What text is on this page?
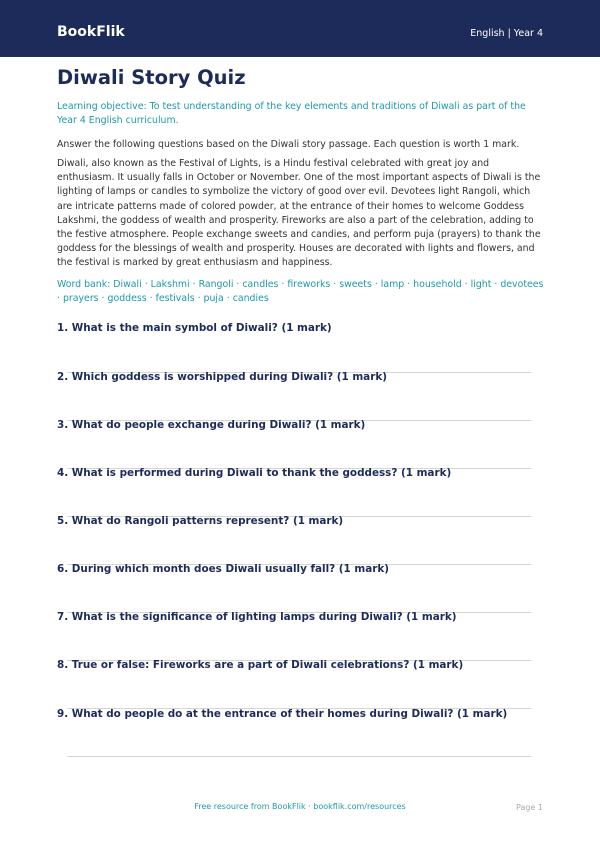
BookFlik	English | Year 4
Diwali Story Quiz

Learning objective: To test understanding of the key elements and traditions of Diwali as part of the Year 4 English curriculum.

Answer the following questions based on the Diwali story passage. Each question is worth 1 mark.

Diwali, also known as the Festival of Lights, is a Hindu festival celebrated with great joy and enthusiasm. It usually falls in October or November. One of the most important aspects of Diwali is the lighting of lamps or candles to symbolize the victory of good over evil. Devotees light Rangoli, which are intricate patterns made of colored powder, at the entrance of their homes to welcome Goddess Lakshmi, the goddess of wealth and prosperity. Fireworks are also a part of the celebration, adding to the festive atmosphere. People exchange sweets and candies, and perform puja (prayers) to thank the goddess for the blessings of wealth and prosperity. Houses are decorated with lights and flowers, and the festival is marked by great enthusiasm and happiness.

Word bank: Diwali · Lakshmi · Rangoli · candles · fireworks · sweets · lamp · household · light · devotees · prayers · goddess · festivals · puja · candies

1. What is the main symbol of Diwali? (1 mark)

2. Which goddess is worshipped during Diwali? (1 mark)

3. What do people exchange during Diwali? (1 mark)

4. What is performed during Diwali to thank the goddess? (1 mark)

5. What do Rangoli patterns represent? (1 mark)

6. During which month does Diwali usually fall? (1 mark)

7. What is the significance of lighting lamps during Diwali? (1 mark)

8. True or false: Fireworks are a part of Diwali celebrations? (1 mark)

9. What do people do at the entrance of their homes during Diwali? (1 mark)

Free resource from BookFlik · bookflik.com/resources	Page 1
